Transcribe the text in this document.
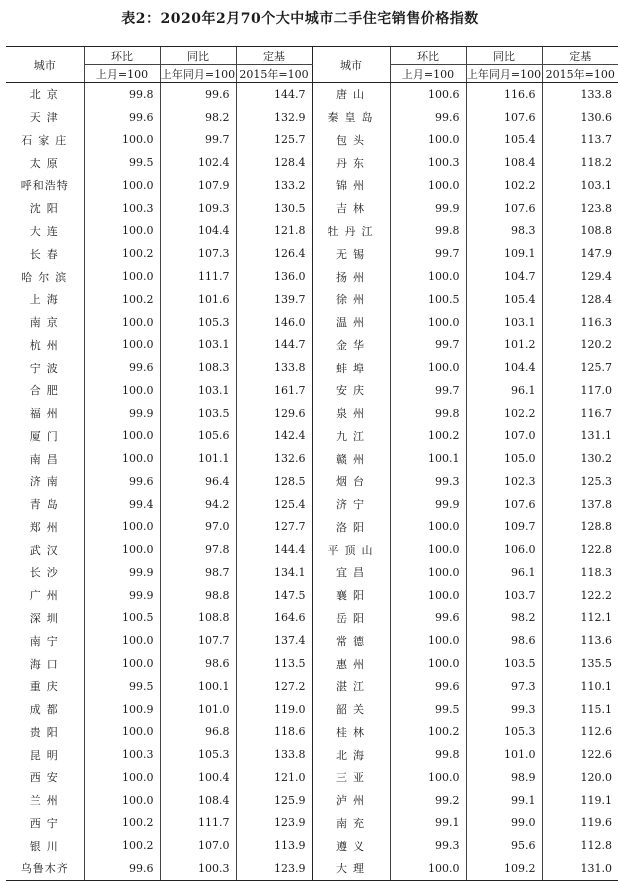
表2：2020年2月70个大中城市二手住宅销售价格指数
城市	环比	同比	定基	城市	环比	同比	定基
	上月=100	上年同月=100	2015年=100		上月=100	上年同月=100	2015年=100
北京	99.8	99.6	144.7	唐山	100.6	116.6	133.8
天津	99.6	98.2	132.9	秦皇岛	99.6	107.6	130.6
石家庄	100.0	99.7	125.7	包头	100.0	105.4	113.7
太原	99.5	102.4	128.4	丹东	100.3	108.4	118.2
呼和浩特	100.0	107.9	133.2	锦州	100.0	102.2	103.1
沈阳	100.3	109.3	130.5	吉林	99.9	107.6	123.8
大连	100.0	104.4	121.8	牡丹江	99.8	98.3	108.8
长春	100.2	107.3	126.4	无锡	99.7	109.1	147.9
哈尔滨	100.0	111.7	136.0	扬州	100.0	104.7	129.4
上海	100.2	101.6	139.7	徐州	100.5	105.4	128.4
南京	100.0	105.3	146.0	温州	100.0	103.1	116.3
杭州	100.0	103.1	144.7	金华	99.7	101.2	120.2
宁波	99.6	108.3	133.8	蚌埠	100.0	104.4	125.7
合肥	100.0	103.1	161.7	安庆	99.7	96.1	117.0
福州	99.9	103.5	129.6	泉州	99.8	102.2	116.7
厦门	100.0	105.6	142.4	九江	100.2	107.0	131.1
南昌	100.0	101.1	132.6	赣州	100.1	105.0	130.2
济南	99.6	96.4	128.5	烟台	99.3	102.3	125.3
青岛	99.4	94.2	125.4	济宁	99.9	107.6	137.8
郑州	100.0	97.0	127.7	洛阳	100.0	109.7	128.8
武汉	100.0	97.8	144.4	平顶山	100.0	106.0	122.8
长沙	99.9	98.7	134.1	宜昌	100.0	96.1	118.3
广州	99.9	98.8	147.5	襄阳	100.0	103.7	122.2
深圳	100.5	108.8	164.6	岳阳	99.6	98.2	112.1
南宁	100.0	107.7	137.4	常德	100.0	98.6	113.6
海口	100.0	98.6	113.5	惠州	100.0	103.5	135.5
重庆	99.5	100.1	127.2	湛江	99.6	97.3	110.1
成都	100.9	101.0	119.0	韶关	99.5	99.3	115.1
贵阳	100.0	96.8	118.6	桂林	100.2	105.3	112.6
昆明	100.3	105.3	133.8	北海	99.8	101.0	122.6
西安	100.0	100.4	121.0	三亚	100.0	98.9	120.0
兰州	100.0	108.4	125.9	泸州	99.2	99.1	119.1
西宁	100.2	111.7	123.9	南充	99.1	99.0	119.6
银川	100.2	107.0	113.9	遵义	99.3	95.6	112.8
乌鲁木齐	99.6	100.3	123.9	大理	100.0	109.2	131.0
